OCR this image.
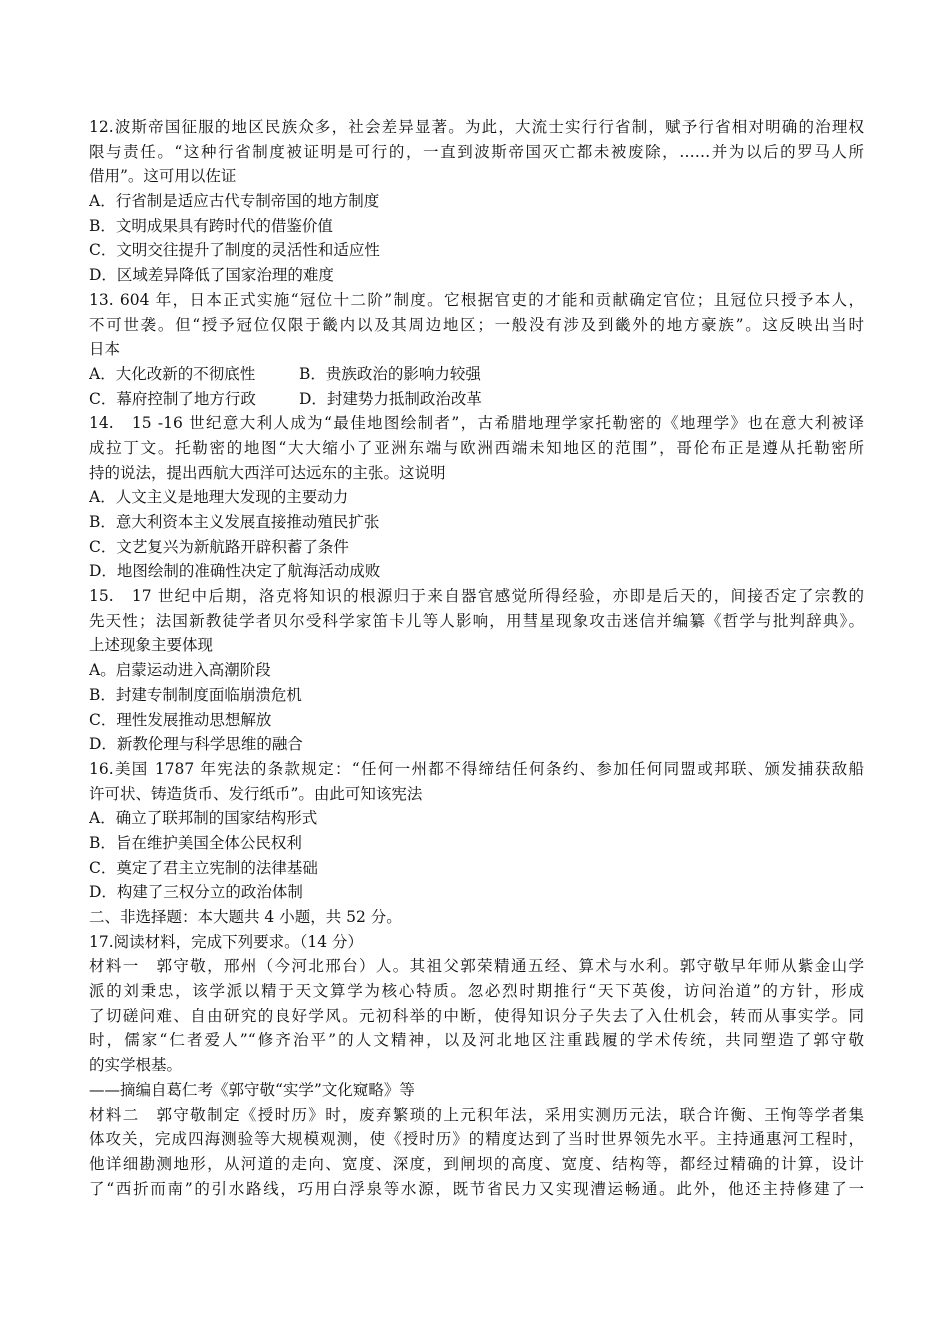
12.波斯帝国征服的地区民族众多，社会差异显著。为此，大流士实行行省制，赋予行省相对明确的治理权
限与责任。“这种行省制度被证明是可行的，一直到波斯帝国灭亡都未被废除，……并为以后的罗马人所
借用”。这可用以佐证
A．行省制是适应古代专制帝国的地方制度
B．文明成果具有跨时代的借鉴价值
C．文明交往提升了制度的灵活性和适应性
D．区域差异降低了国家治理的难度
13. 604 年，日本正式实施“冠位十二阶”制度。它根据官吏的才能和贡献确定官位；且冠位只授予本人，
不可世袭。但“授予冠位仅限于畿内以及其周边地区；一般没有涉及到畿外的地方豪族”。这反映出当时
日本
A．大化改新的不彻底性	B．贵族政治的影响力较强
C．幕府控制了地方行政	D．封建势力抵制政治改革
14.　15 -16 世纪意大利人成为“最佳地图绘制者”，古希腊地理学家托勒密的《地理学》也在意大利被译
成拉丁文。托勒密的地图“大大缩小了亚洲东端与欧洲西端未知地区的范围”，哥伦布正是遵从托勒密所
持的说法，提出西航大西洋可达远东的主张。这说明
A．人文主义是地理大发现的主要动力
B．意大利资本主义发展直接推动殖民扩张
C．文艺复兴为新航路开辟积蓄了条件
D．地图绘制的准确性决定了航海活动成败
15.　17 世纪中后期，洛克将知识的根源归于来自器官感觉所得经验，亦即是后天的，间接否定了宗教的
先天性；法国新教徒学者贝尔受科学家笛卡儿等人影响，用彗星现象攻击迷信并编纂《哲学与批判辞典》。
上述现象主要体现
A。启蒙运动进入高潮阶段
B．封建专制制度面临崩溃危机
C．理性发展推动思想解放
D．新教伦理与科学思维的融合
16.美国 1787 年宪法的条款规定：“任何一州都不得缔结任何条约、参加任何同盟或邦联、颁发捕获敌船
许可状、铸造货币、发行纸币”。由此可知该宪法
A．确立了联邦制的国家结构形式
B．旨在维护美国全体公民权利
C．奠定了君主立宪制的法律基础
D．构建了三权分立的政治体制
二、非选择题：本大题共 4 小题，共 52 分。
17.阅读材料，完成下列要求。（14 分）
材料一　郭守敬，邢州（今河北邢台）人。其祖父郭荣精通五经、算术与水利。郭守敬早年师从紫金山学
派的刘秉忠，该学派以精于天文算学为核心特质。忽必烈时期推行“天下英俊，访问治道”的方针，形成
了切磋问难、自由研究的良好学风。元初科举的中断，使得知识分子失去了入仕机会，转而从事实学。同
时，儒家“仁者爱人”“修齐治平”的人文精神，以及河北地区注重践履的学术传统，共同塑造了郭守敬
的实学根基。
——摘编自葛仁考《郭守敬“实学”文化窥略》等
材料二　郭守敬制定《授时历》时，废弃繁琐的上元积年法，采用实测历元法，联合许衡、王恂等学者集
体攻关，完成四海测验等大规模观测，使《授时历》的精度达到了当时世界领先水平。主持通惠河工程时，
他详细勘测地形，从河道的走向、宽度、深度，到闸坝的高度、宽度、结构等，都经过精确的计算，设计
了“西折而南”的引水路线，巧用白浮泉等水源，既节省民力又实现漕运畅通。此外，他还主持修建了一
